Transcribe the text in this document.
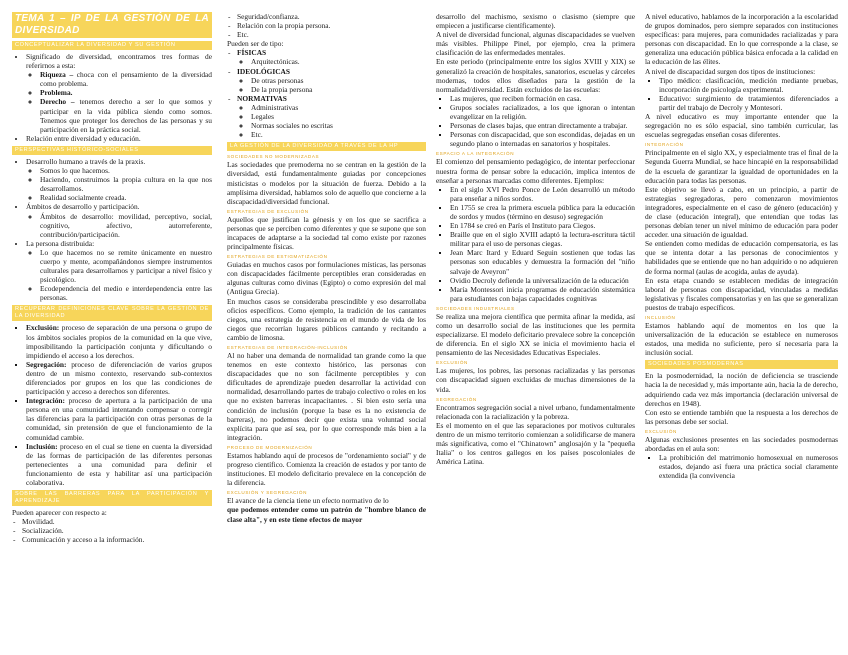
TEMA 1 – IP DE LA GESTIÓN DE LA DIVERSIDAD
CONCEPTUALIZAR LA DIVERSIDAD Y SU GESTIÓN
• Significado de diversidad, encontramos tres formas de referirnos a esta:
◦ Riqueza – choca con el pensamiento de la diversidad como problema.
◦ Problema.
◦ Derecho – tenemos derecho a ser lo que somos y participar en la vida pública siendo como somos. Tenemos que proteger los derechos de las personas y su participación en la práctica social.
• Relación entre diversidad y educación.
PERSPECTIVAS HISTÓRICO-SOCIALES
• Desarrollo humano a través de la praxis.
◦ Somos lo que hacemos.
◦ Haciendo, construimos la propia cultura en la que nos desarrollamos.
◦ Realidad socialmente creada.
• Ámbitos de desarrollo y participación.
◦ Ámbitos de desarrollo: movilidad, perceptivo, social, cognitivo, afectivo, autorreferente, contribución/participación.
• La persona distribuida:
◦ Lo que hacemos no se remite únicamente en nuestro cuerpo y mente, acompañándonos siempre instrumentos culturales para desarrollarnos y participar a nivel físico y psicológico.
◦ Ecodependencia del medio e interdependencia entre las personas.
RECUPERAR DEFINICIONES CLAVE SOBRE LA GESTIÓN DE LA DIVERSIDAD
▪ Exclusión: proceso de separación de una persona o grupo de los ámbitos sociales propios de la comunidad en la que vive, imposibilitando la participación conjunta y dificultando o impidiendo el acceso a los derechos.
▪ Segregación: proceso de diferenciación de varios grupos dentro de un mismo contexto, reservando sub-contextos diferenciados por grupos en los que las condiciones de participación y acceso a derechos son diferentes.
▪ Integración: proceso de apertura a la participación de una persona en una comunidad intentando compensar o corregir las diferencias para la participación con otras personas de la comunidad, sin pretensión de que el funcionamiento de la comunidad cambie.
▪ Inclusión: proceso en el cual se tiene en cuenta la diversidad de las formas de participación de las diferentes personas pertenecientes a una comunidad para definir el funcionamiento de esta y habilitar así una participación colaborativa.
SOBRE LAS BARRERAS PARA LA PARTICIPACIÓN Y APRENDIZAJE

Pueden aparecer con respecto a:

- Movilidad.
- Socialización.
- Comunicación y acceso a la información.
- Seguridad/confianza.
- Relación con la propia persona.
- Etc.

Pueden ser de tipo:

- FÍSICAS
◦ Arquitectónicas.
- IDEOLÓGICAS
◦ De otras personas
◦ De la propia persona
- NORMATIVAS
◦ Administrativas
◦ Legales
◦ Normas sociales no escritas
◦ Etc.
LA GESTIÓN DE LA DIVERSIDAD A TRAVÉS DE LA HP
SOCIEDADES NO MODERNIZADAS

Las sociedades que premoderna no se centran en la gestión de la diversidad, está fundamentalmente guiadas por concepciones misticistas o modelos por la situación de fuerza. Debido a la amplísima diversidad, hablamos solo de aquello que concierne a la discapacidad/diversidad funcional.

ESTRATEGIAS DE EXCLUSIÓN

Aquellos que justifican la génesis y en los que se sacrifica a personas que se perciben como diferentes y que se supone que son incapaces de adaptarse a la sociedad tal como existe por razones principalmente físicas.

ESTRATEGIAS DE ESTIGMATIZACIÓN

Guiadas en muchos casos por formulaciones místicas, las personas con discapacidades fácilmente perceptibles eran consideradas en algunas culturas como divinas (Egipto) o como expresión del mal (Antigua Grecia).

En muchos casos se consideraba prescindible y eso desarrollaba oficios específicos. Como ejemplo, la tradición de los cantantes ciegos, una estrategia de resistencia en el mundo de vida de los ciegos que recorrían lugares públicos cantando y recitando a cambio de limosna.

ESTRATEGIAS DE INTEGRACIÓN-INCLUSIÓN

Al no haber una demanda de normalidad tan grande como la que tenemos en este contexto histórico, las personas con discapacidades que no son fácilmente perceptibles y con dificultades de aprendizaje pueden desarrollar la actividad con normalidad, desarrollando partes de trabajo colectivo o roles en los que no existen barreras incapacitantes. . Si bien esto sería una condición de inclusión (porque la base es la no existencia de barreras), no podemos decir que exista una voluntad social explícita para que así sea, por lo que corresponde más bien a la integración.

PROCESO DE MODERNIZACIÓN

Estamos hablando aquí de procesos de "ordenamiento social" y de progreso científico. Comienza la creación de estados y por tanto de instituciones. El modelo deficitario prevalece en la concepción de la diferencia.

EXCLUSIÓN Y SEGREGACIÓN

El avance de la ciencia tiene un efecto normativo de lo

que podemos entender como un patrón de "hombre blanco de clase alta", y en este tiene efectos de mayor

desarrollo del machismo, sexismo o clasismo (siempre que empiecen a justificarse científicamente).

A nivel de diversidad funcional, algunas discapacidades se vuelven más visibles. Philippe Pinel, por ejemplo, crea la primera clasificación de las enfermedades mentales.

En este periodo (principalmente entre los siglos XVIII y XIX) se generalizó la creación de hospitales, sanatorios, escuelas y cárceles modernas, todos ellos diseñados para la gestión de la normalidad/diversidad. Están excluidos de las escuelas:

▪ Las mujeres, que reciben formación en casa.
▪ Grupos sociales racializados, a los que ignoran o intentan evangelizar en la religión.
▪ Personas de clases bajas, que entran directamente a trabajar.
▪ Personas con discapacidad, que son escondidas, dejadas en un segundo plano o internadas en sanatorios y hospitales.
ESPACIO A LA INTEGRACIÓN

El comienzo del pensamiento pedagógico, de intentar perfeccionar nuestra forma de pensar sobre la educación, implica intentos de enseñar a personas marcadas como diferentes. Ejemplos:

▪ En el siglo XVI Pedro Ponce de León desarrolló un método para enseñar a niños sordos.
▪ En 1755 se crea la primera escuela pública para la educación de sordos y mudos (término en desuso) segregación
▪ En 1784 se creó en París el Instituto para Ciegos.
▪ Braille que en el siglo XVIII adaptó la lectura-escritura táctil militar para el uso de personas ciegas.
▪ Jean Marc Itard y Eduard Seguin sostienen que todas las personas son educables y demuestra la formación del "niño salvaje de Aveyron"
▪ Ovidio Decroly defiende la universalización de la educación
▪ María Montessori inicia programas de educación sistemática para estudiantes con bajas capacidades cognitivas
SOCIEDADES INDUSTRIALES

Se realiza una mejora científica que permita afinar la medida, así como un desarrollo social de las instituciones que les permita especializarse. El modelo deficitario prevalece sobre la concepción de diferencia. En el siglo XX se inicia el movimiento hacia el pensamiento de las Necesidades Educativas Especiales.

EXCLUSIÓN

Las mujeres, los pobres, las personas racializadas y las personas con discapacidad siguen excluidas de muchas dimensiones de la vida.

SEGREGACIÓN

Encontramos segregación social a nivel urbano, fundamentalmente relacionada con la racialización y la pobreza.

Es el momento en el que las separaciones por motivos culturales dentro de un mismo territorio comienzan a solidificarse de manera más significativa, como el "Chinatown" anglosajón y la "pequeña Italia" o los centros gallegos en los países poscoloniales de América Latina.

A nivel educativo, hablamos de la incorporación a la escolaridad de grupos dominados, pero siempre separados con instituciones específicas: para mujeres, para comunidades racializadas y para personas con discapacidad. En lo que corresponde a la clase, se generaliza una educación pública básica enfocada a la calidad en la educación de las élites.

A nivel de discapacidad surgen dos tipos de instituciones:

▪ Tipo médico: clasificación, medición mediante pruebas, incorporación de psicología experimental.
▪ Educativo: surgimiento de tratamientos diferenciados a partir del trabajo de Decroly y Montesori.

A nivel educativo es muy importante entender que la segregación no es sólo espacial, sino también curricular, las escuelas segregadas enseñan cosas diferentes.

INTEGRACIÓN

Principalmente en el siglo XX, y especialmente tras el final de la Segunda Guerra Mundial, se hace hincapié en la responsabilidad de la escuela de garantizar la igualdad de oportunidades en la educación para todas las personas.

Este objetivo se llevó a cabo, en un principio, a partir de estrategias segregadoras, pero comenzaron movimientos integradores, especialmente en el caso de género (educación) y de clase (educación integral), que entendían que todas las personas debían tener un nivel mínimo de educación para poder acceder. una situación de igualdad.

Se entienden como medidas de educación compensatoria, es las que se intenta dotar a las personas de conocimientos y habilidades que se entiende que no han adquirido o no adquieren de forma normal (aulas de acogida, aulas de ayuda).

En esta etapa cuando se establecen medidas de integración laboral de personas con discapacidad, vinculadas a medidas legislativas y fiscales compensatorias y en las que se generalizan puestos de trabajo específicos.

INCLUSIÓN

Estamos hablando aquí de momentos en los que la universalización de la educación se establece en numerosos estados, una medida no suficiente, pero sí necesaria para la inclusión social.

SOCIEDADES POSMODERNAS

En la posmodernidad, la noción de deficiencia se trasciende hacia la de necesidad y, más importante aún, hacia la de derecho, adquiriendo cada vez más importancia (declaración universal de derechos en 1948).

Con esto se entiende también que la respuesta a los derechos de las personas debe ser social.

EXCLUSIÓN

Algunas exclusiones presentes en las sociedades posmodernas abordadas en el aula son:

▪ La prohibición del matrimonio homosexual en numerosos estados, dejando así fuera una práctica social claramente extendida (la convivencia
